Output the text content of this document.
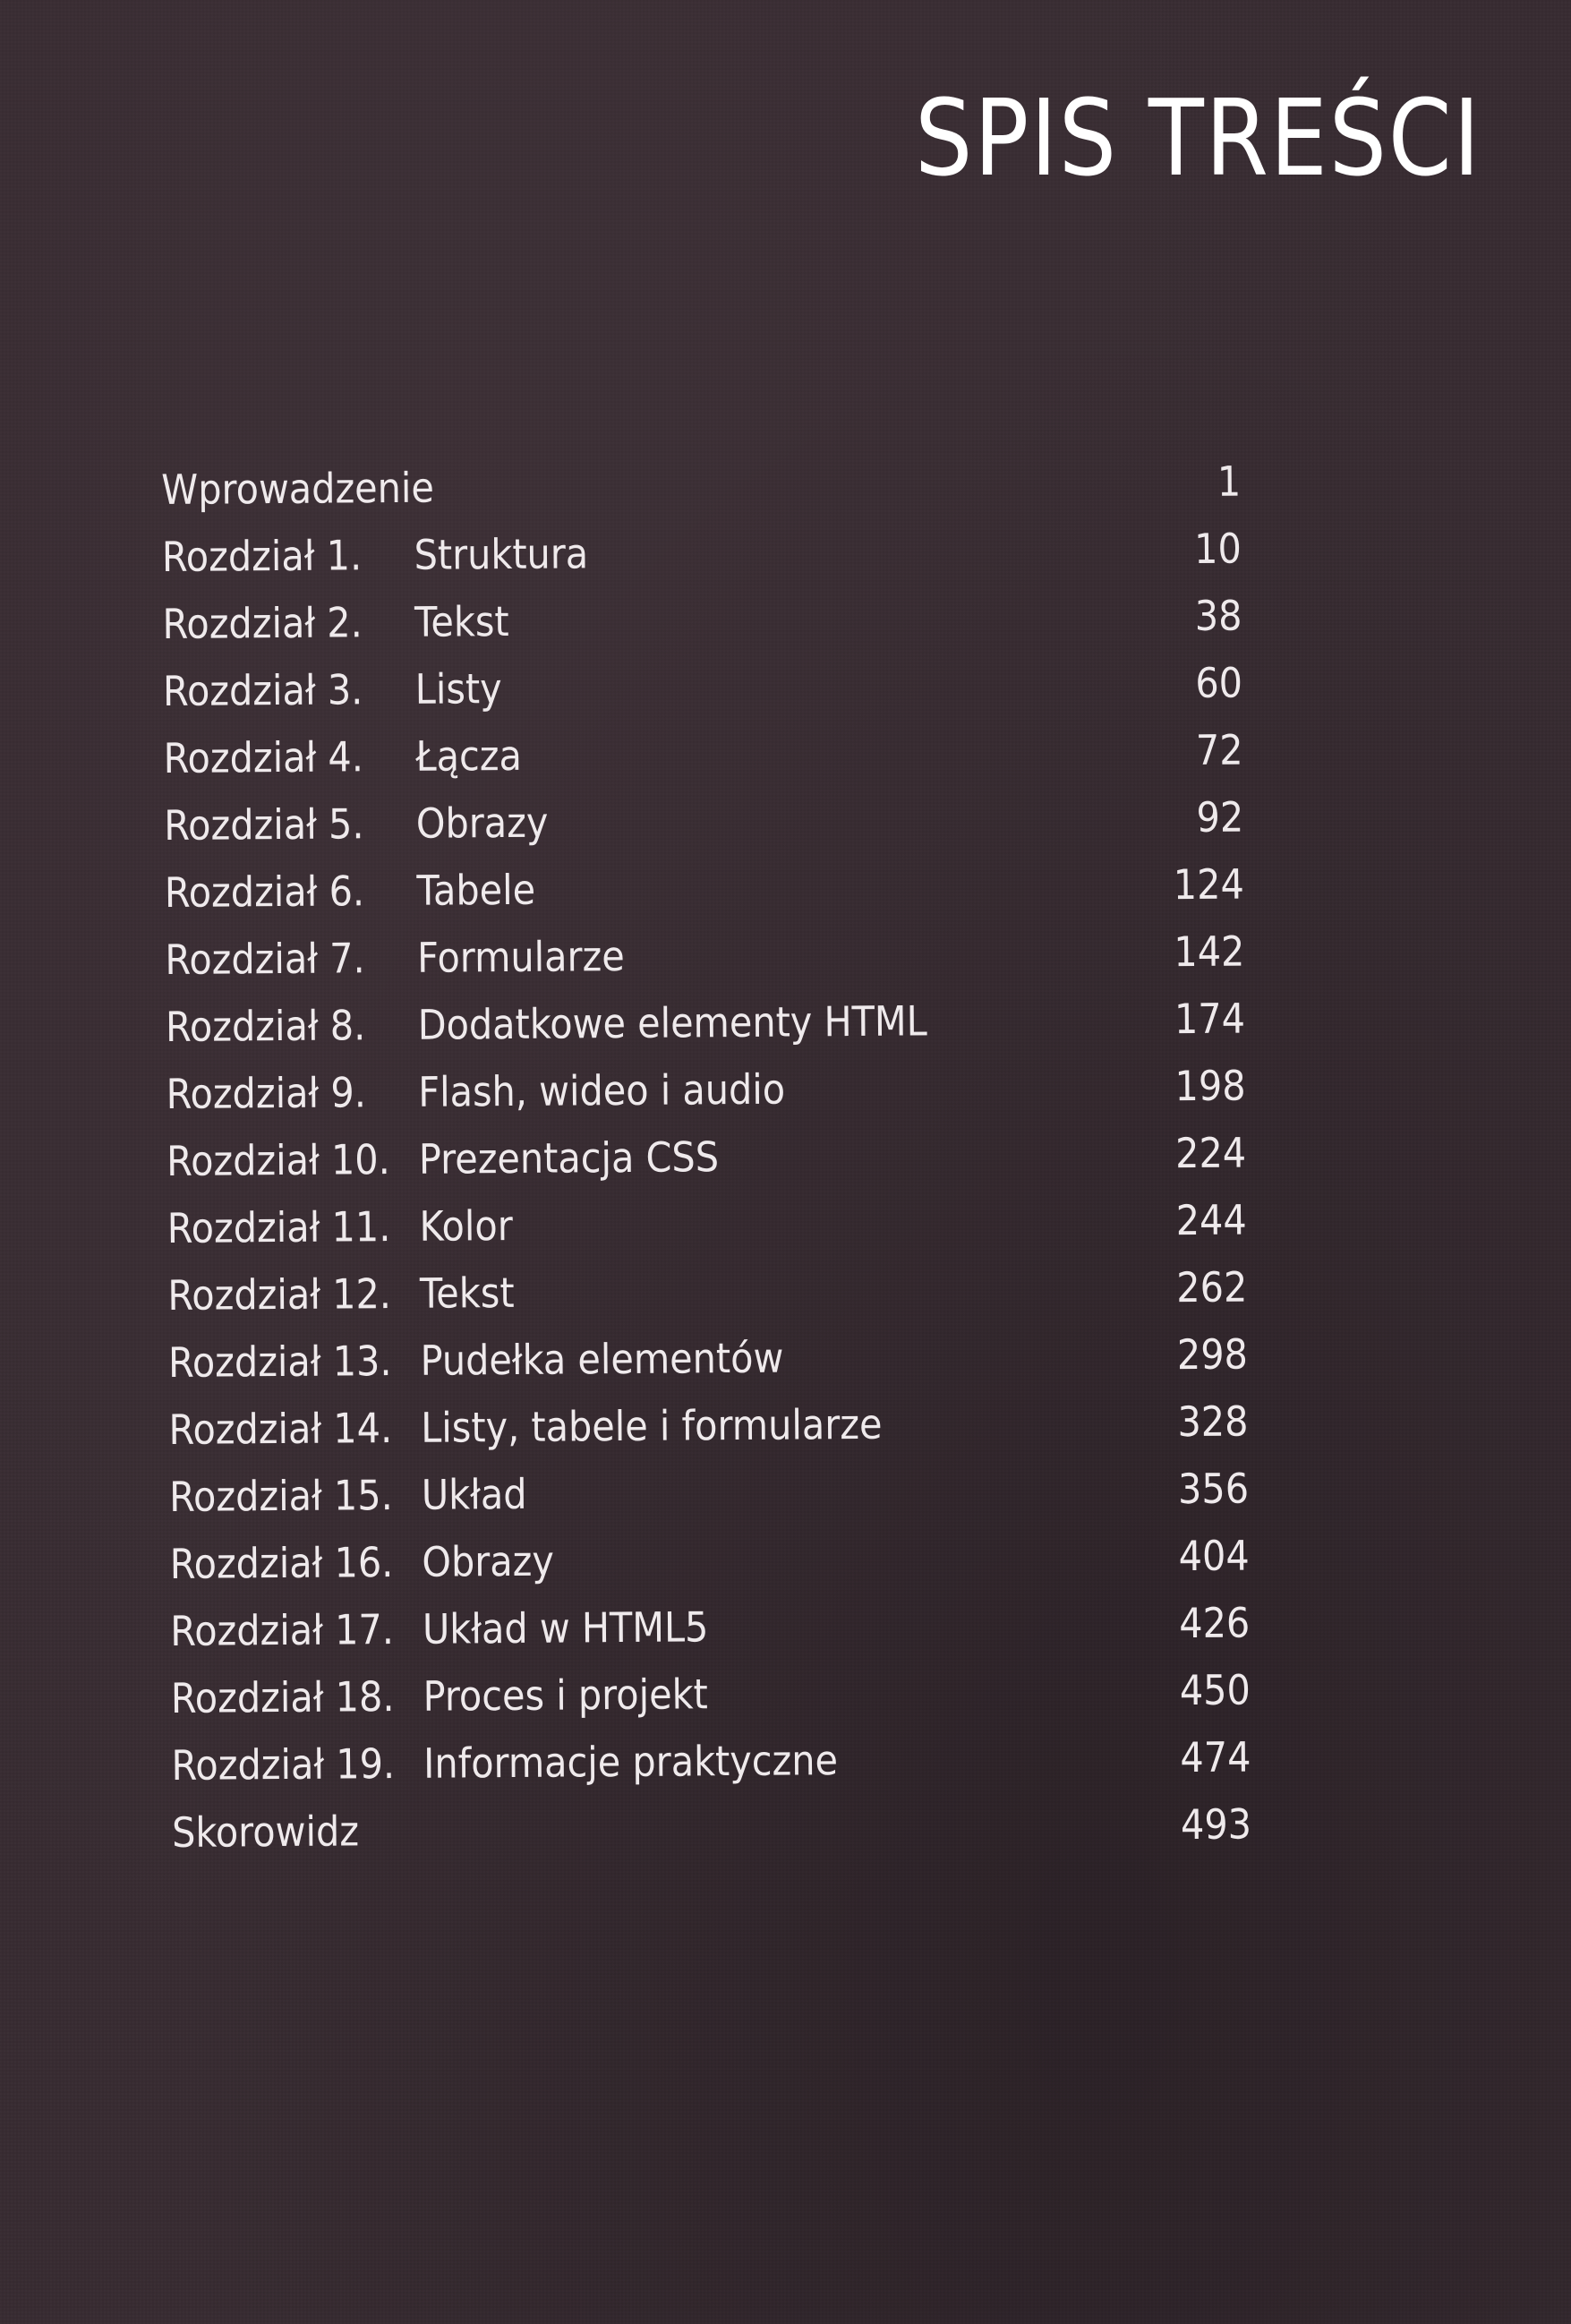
SPIS TREŚCI
Wprowadzenie	1
Rozdział 1. Struktura	10
Rozdział 2. Tekst	38
Rozdział 3. Listy	60
Rozdział 4. Łącza	72
Rozdział 5. Obrazy	92
Rozdział 6. Tabele	124
Rozdział 7. Formularze	142
Rozdział 8. Dodatkowe elementy HTML	174
Rozdział 9. Flash, wideo i audio	198
Rozdział 10. Prezentacja CSS	224
Rozdział 11. Kolor	244
Rozdział 12. Tekst	262
Rozdział 13. Pudełka elementów	298
Rozdział 14. Listy, tabele i formularze	328
Rozdział 15. Układ	356
Rozdział 16. Obrazy	404
Rozdział 17. Układ w HTML5	426
Rozdział 18. Proces i projekt	450
Rozdział 19. Informacje praktyczne	474
Skorowidz	493
